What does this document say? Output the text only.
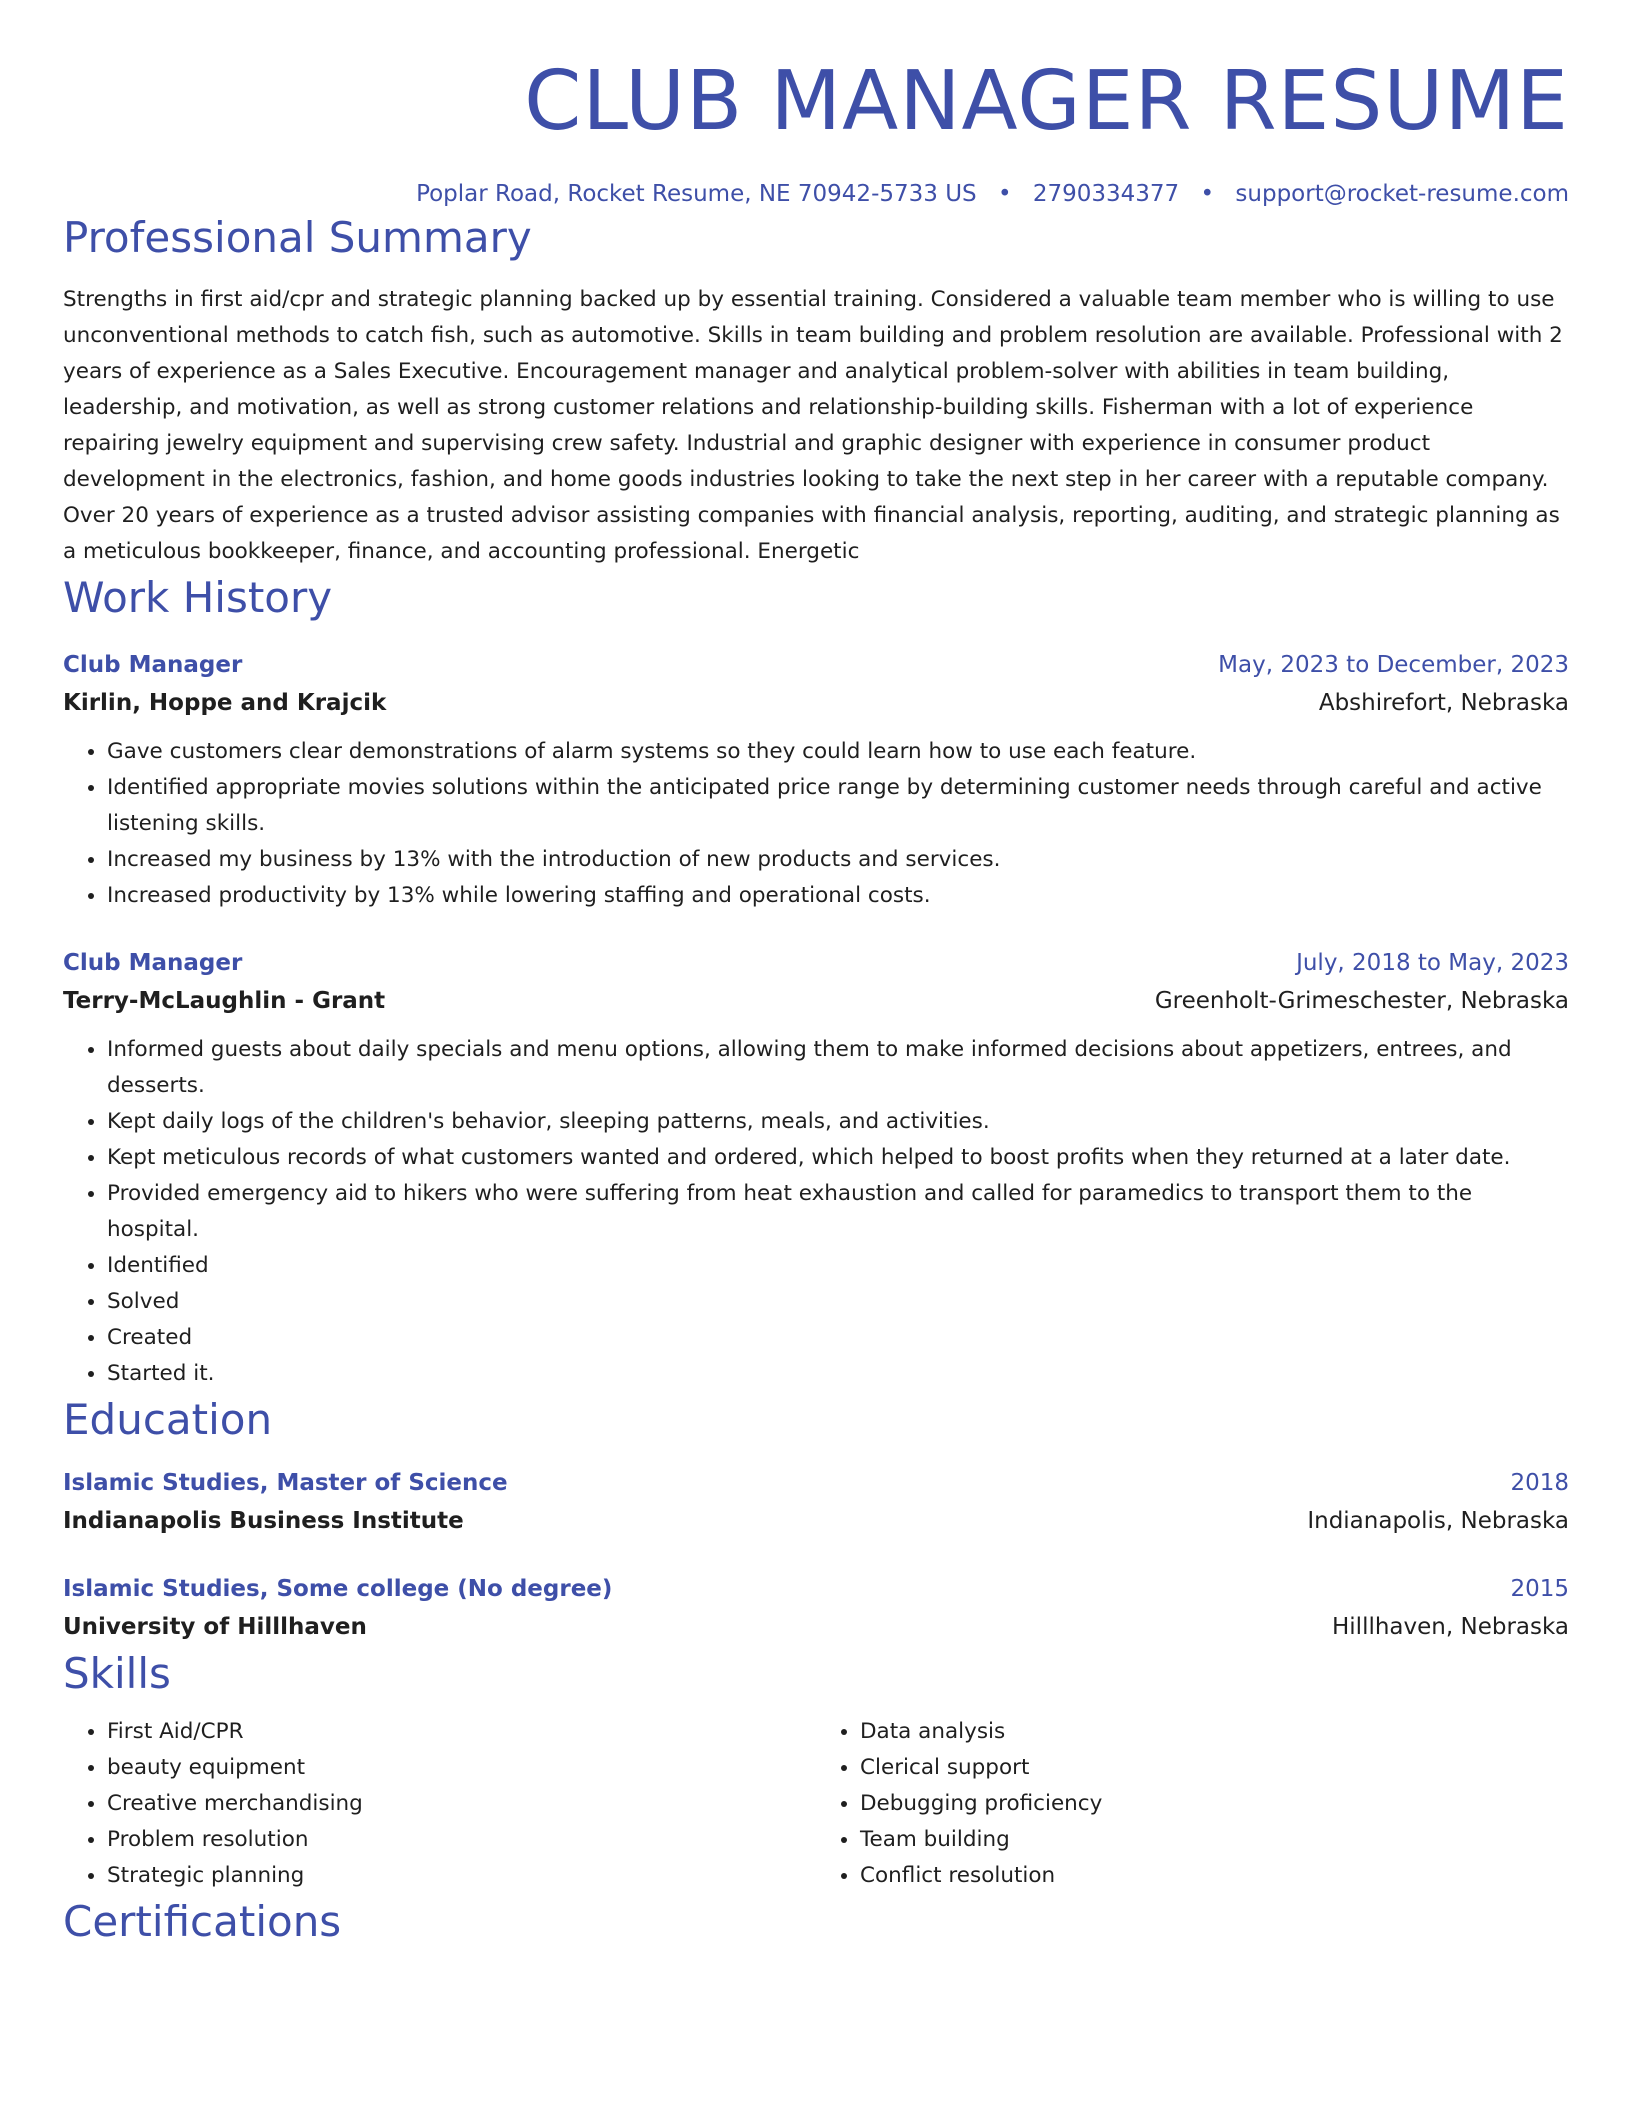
CLUB MANAGER RESUME
Poplar Road, Rocket Resume, NE 70942-5733 US • 2790334377 • support@rocket-resume.com
Professional Summary

Strengths in first aid/cpr and strategic planning backed up by essential training. Considered a valuable team member who is willing to use unconventional methods to catch fish, such as automotive. Skills in team building and problem resolution are available. Professional with 2 years of experience as a Sales Executive. Encouragement manager and analytical problem-solver with abilities in team building, leadership, and motivation, as well as strong customer relations and relationship-building skills. Fisherman with a lot of experience repairing jewelry equipment and supervising crew safety. Industrial and graphic designer with experience in consumer product development in the electronics, fashion, and home goods industries looking to take the next step in her career with a reputable company. Over 20 years of experience as a trusted advisor assisting companies with financial analysis, reporting, auditing, and strategic planning as a meticulous bookkeeper, finance, and accounting professional. Energetic

Work History
Club Manager	May, 2023 to December, 2023
Kirlin, Hoppe and Krajcik	Abshirefort, Nebraska
• Gave customers clear demonstrations of alarm systems so they could learn how to use each feature.
• Identified appropriate movies solutions within the anticipated price range by determining customer needs through careful and active listening skills.
• Increased my business by 13% with the introduction of new products and services.
• Increased productivity by 13% while lowering staffing and operational costs.
Club Manager	July, 2018 to May, 2023
Terry-McLaughlin - Grant	Greenholt-Grimeschester, Nebraska
• Informed guests about daily specials and menu options, allowing them to make informed decisions about appetizers, entrees, and desserts.
• Kept daily logs of the children's behavior, sleeping patterns, meals, and activities.
• Kept meticulous records of what customers wanted and ordered, which helped to boost profits when they returned at a later date.
• Provided emergency aid to hikers who were suffering from heat exhaustion and called for paramedics to transport them to the hospital.
• Identified
• Solved
• Created
• Started it.
Education
Islamic Studies, Master of Science	2018
Indianapolis Business Institute	Indianapolis, Nebraska
Islamic Studies, Some college (No degree)	2015
University of Hilllhaven	Hilllhaven, Nebraska
Skills
• First Aid/CPR
• beauty equipment
• Creative merchandising
• Problem resolution
• Strategic planning
• Data analysis
• Clerical support
• Debugging proficiency
• Team building
• Conflict resolution
Certifications
